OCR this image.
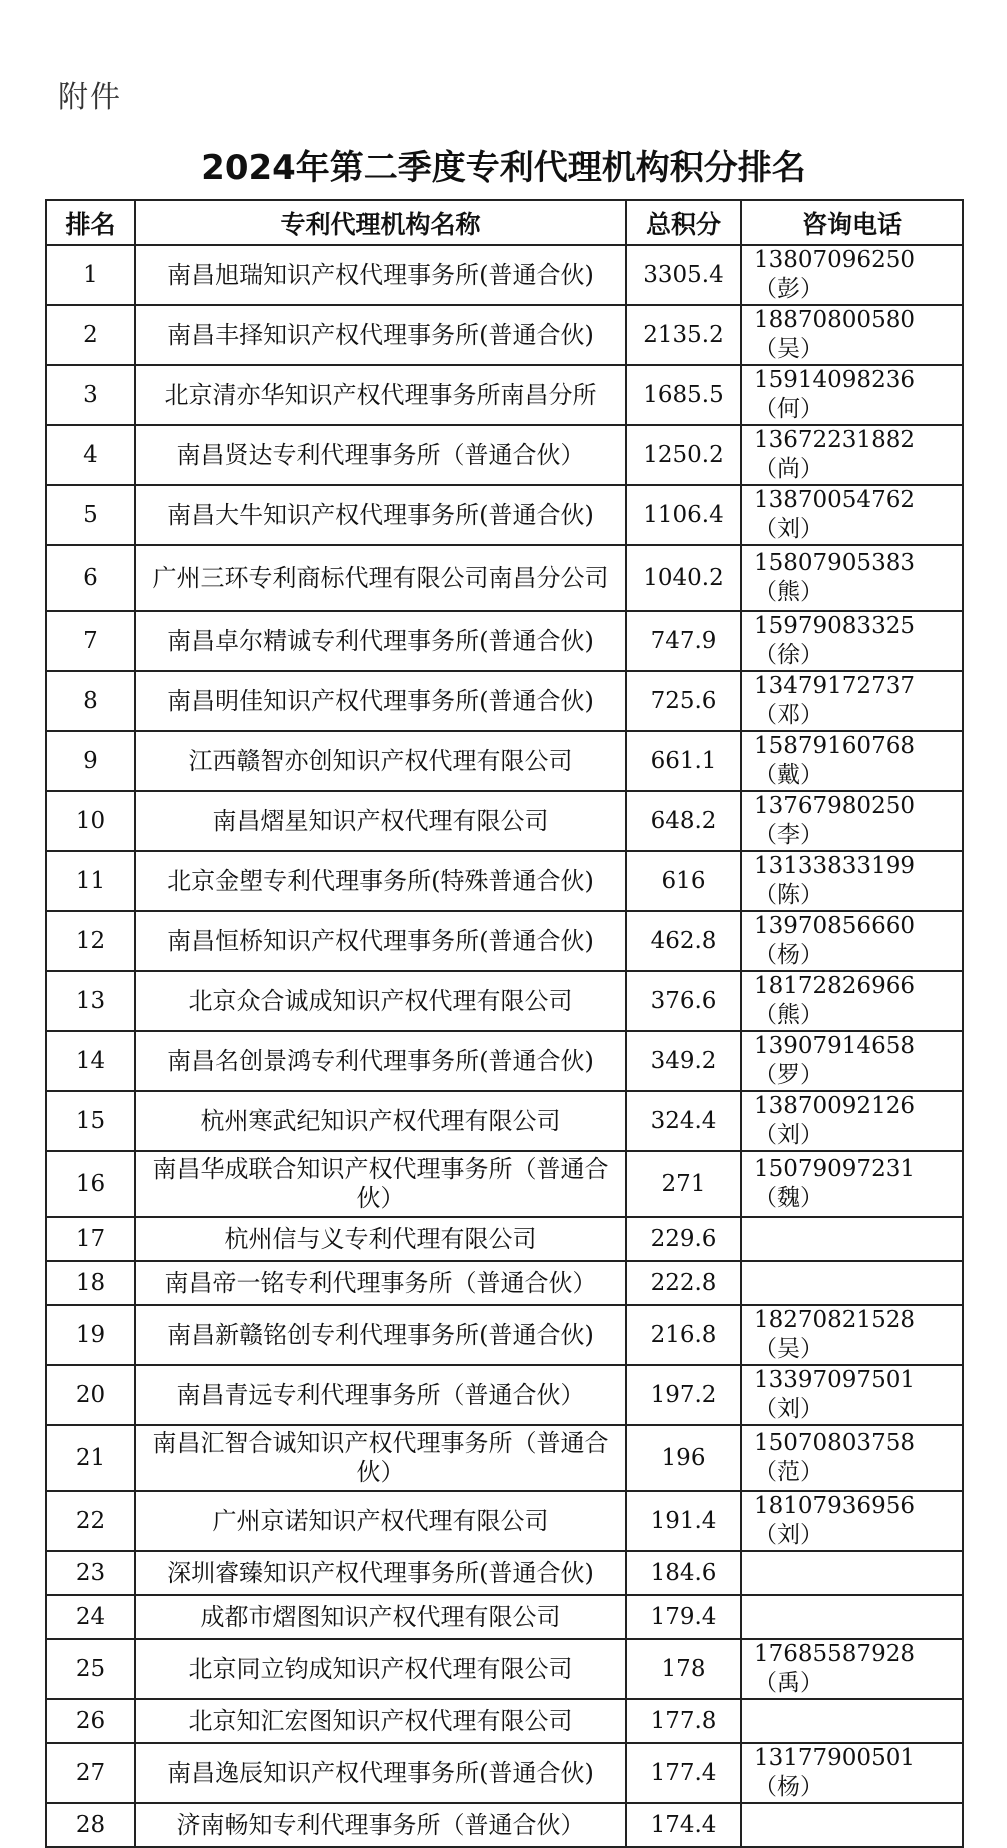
附件
2024年第二季度专利代理机构积分排名
排名	专利代理机构名称	总积分	咨询电话
1	南昌旭瑞知识产权代理事务所(普通合伙)	3305.4	13807096250（彭）
2	南昌丰择知识产权代理事务所(普通合伙)	2135.2	18870800580（吴）
3	北京清亦华知识产权代理事务所南昌分所	1685.5	15914098236（何）
4	南昌贤达专利代理事务所（普通合伙）	1250.2	13672231882（尚）
5	南昌大牛知识产权代理事务所(普通合伙)	1106.4	13870054762（刘）
6	广州三环专利商标代理有限公司南昌分公司	1040.2	15807905383（熊）
7	南昌卓尔精诚专利代理事务所(普通合伙)	747.9	15979083325（徐）
8	南昌明佳知识产权代理事务所(普通合伙)	725.6	13479172737（邓）
9	江西赣智亦创知识产权代理有限公司	661.1	15879160768（戴）
10	南昌熠星知识产权代理有限公司	648.2	13767980250（李）
11	北京金塱专利代理事务所(特殊普通合伙)	616	13133833199（陈）
12	南昌恒桥知识产权代理事务所(普通合伙)	462.8	13970856660（杨）
13	北京众合诚成知识产权代理有限公司	376.6	18172826966（熊）
14	南昌名创景鸿专利代理事务所(普通合伙)	349.2	13907914658（罗）
15	杭州寒武纪知识产权代理有限公司	324.4	13870092126（刘）
16	南昌华成联合知识产权代理事务所（普通合伙）	271	15079097231（魏）
17	杭州信与义专利代理有限公司	229.6	
18	南昌帝一铭专利代理事务所（普通合伙）	222.8	
19	南昌新赣铭创专利代理事务所(普通合伙)	216.8	18270821528（吴）
20	南昌青远专利代理事务所（普通合伙）	197.2	13397097501（刘）
21	南昌汇智合诚知识产权代理事务所（普通合伙）	196	15070803758（范）
22	广州京诺知识产权代理有限公司	191.4	18107936956（刘）
23	深圳睿臻知识产权代理事务所(普通合伙)	184.6	
24	成都市熠图知识产权代理有限公司	179.4	
25	北京同立钧成知识产权代理有限公司	178	17685587928（禹）
26	北京知汇宏图知识产权代理有限公司	177.8	
27	南昌逸辰知识产权代理事务所(普通合伙)	177.4	13177900501（杨）
28	济南畅知专利代理事务所（普通合伙）	174.4	
